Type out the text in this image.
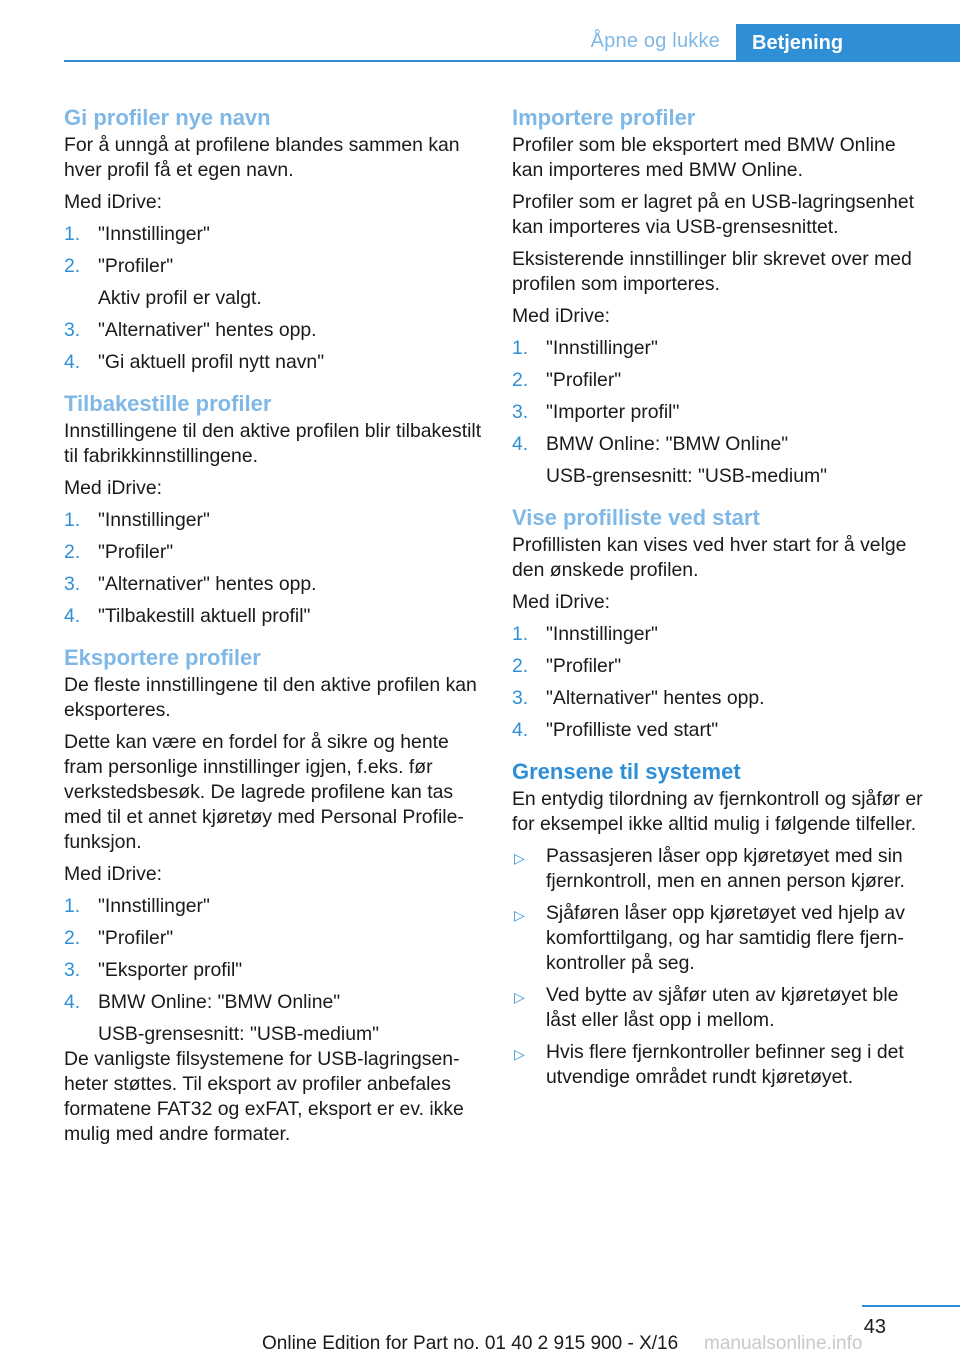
Åpne og lukke	Betjening
Gi profiler nye navn

For å unngå at profilene blandes sammen kan hver profil få et egen navn.

Med iDrive:

1. "Innstillinger"
2. "Profiler"
Aktiv profil er valgt.
3. "Alternativer" hentes opp.
4. "Gi aktuell profil nytt navn"
Tilbakestille profiler

Innstillingene til den aktive profilen blir tilbakestilt til fabrikkinnstillingene.

Med iDrive:

1. "Innstillinger"
2. "Profiler"
3. "Alternativer" hentes opp.
4. "Tilbakestill aktuell profil"
Eksportere profiler

De fleste innstillingene til den aktive profilen kan eksporteres.

Dette kan være en fordel for å sikre og hente fram personlige innstillinger igjen, f.eks. før verkstedsbesøk. De lagrede profilene kan tas med til et annet kjøretøy med Personal Profile-funksjon.

Med iDrive:

1. "Innstillinger"
2. "Profiler"
3. "Eksporter profil"
4. BMW Online: "BMW Online"
USB-grensesnitt: "USB-medium"

De vanligste filsystemene for USB-lagringsenheter støttes. Til eksport av profiler anbefales formatene FAT32 og exFAT, eksport er ev. ikke mulig med andre formater.

Importere profiler

Profiler som ble eksportert med BMW Online kan importeres med BMW Online.

Profiler som er lagret på en USB-lagringsenhet kan importeres via USB-grensesnittet.

Eksisterende innstillinger blir skrevet over med profilen som importeres.

Med iDrive:

1. "Innstillinger"
2. "Profiler"
3. "Importer profil"
4. BMW Online: "BMW Online"
USB-grensesnitt: "USB-medium"
Vise profilliste ved start

Profillisten kan vises ved hver start for å velge den ønskede profilen.

Med iDrive:

1. "Innstillinger"
2. "Profiler"
3. "Alternativer" hentes opp.
4. "Profilliste ved start"
Grensene til systemet

En entydig tilordning av fjernkontroll og sjåfør er for eksempel ikke alltid mulig i følgende tilfeller.

▷ Passasjeren låser opp kjøretøyet med sin fjernkontroll, men en annen person kjører.
▷ Sjåføren låser opp kjøretøyet ved hjelp av komforttilgang, og har samtidig flere fjernkontroller på seg.
▷ Ved bytte av sjåfør uten av kjøretøyet ble låst eller låst opp i mellom.
▷ Hvis flere fjernkontroller befinner seg i det utvendige området rundt kjøretøyet.
43
Online Edition for Part no. 01 40 2 915 900 - X/16 manualsonline.info
